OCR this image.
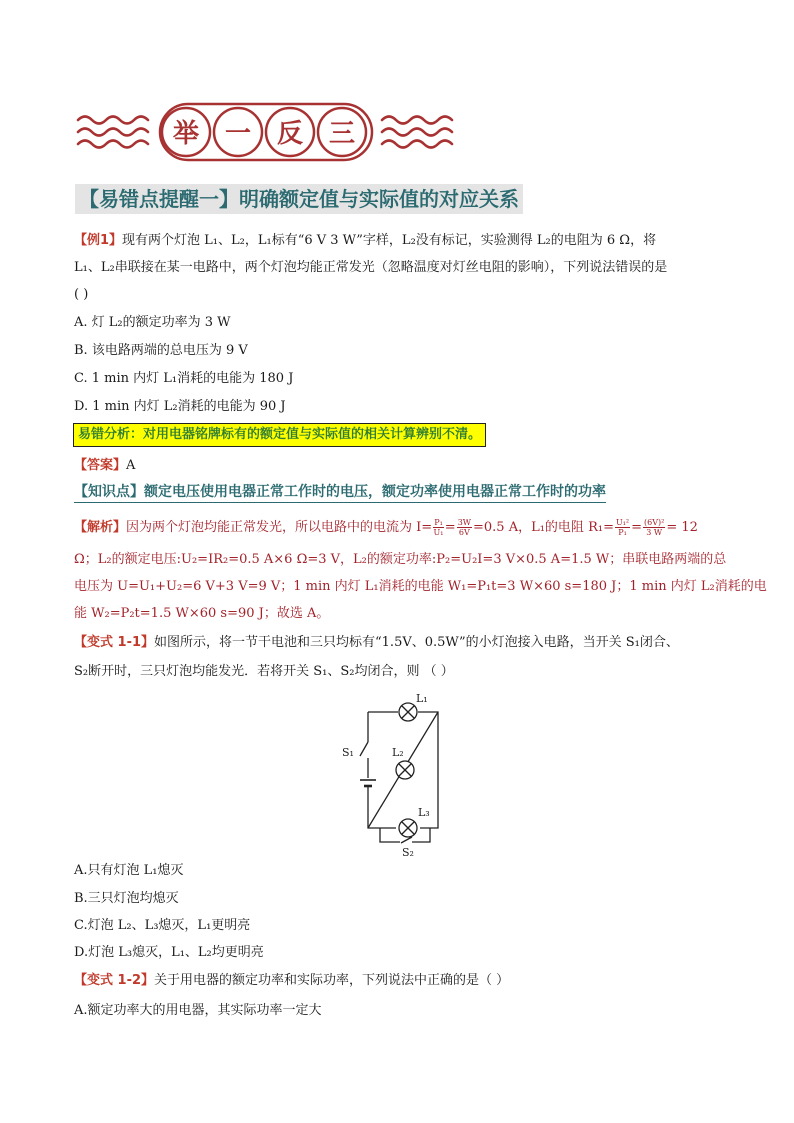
举 一 反 三
【易错点提醒一】明确额定值与实际值的对应关系
【例1】现有两个灯泡 L₁、L₂，L₁标有“6 V 3 W”字样，L₂没有标记，实验测得 L₂的电阻为 6 Ω，将
L₁、L₂串联接在某一电路中，两个灯泡均能正常发光（忽略温度对灯丝电阻的影响），下列说法错误的是
( )
A. 灯 L₂的额定功率为 3 W
B. 该电路两端的总电压为 9 V
C. 1 min 内灯 L₁消耗的电能为 180 J
D. 1 min 内灯 L₂消耗的电能为 90 J
易错分析：对用电器铭牌标有的额定值与实际值的相关计算辨别不清。
【答案】A
【知识点】额定电压使用电器正常工作时的电压，额定功率使用电器正常工作时的功率
【解析】因为两个灯泡均能正常发光，所以电路中的电流为 $I= \frac{\text{P₁}}{\text{U₁}} = \frac{3W}{6V} =0.5$ A，L₁的电阻 $R_1= \frac{\text{U₁²}}{\text{P₁}} = \frac{\text{(6V)²}}{3 W} = 12$
Ω；L₂的额定电压:U₂=IR₂=0.5 A×6 Ω=3 V，L₂的额定功率:P₂=U₂I=3 V×0.5 A=1.5 W；串联电路两端的总
电压为 U=U₁+U₂=6 V+3 V=9 V；1 min 内灯 L₁消耗的电能 W₁=P₁t=3 W×60 s=180 J；1 min 内灯 L₂消耗的电
能 W₂=P₂t=1.5 W×60 s=90 J；故选 A。
【变式 1-1】如图所示，将一节干电池和三只均标有“1.5V、0.5W”的小灯泡接入电路，当开关 S₁闭合、
S₂断开时，三只灯泡均能发光．若将开关 S₁、S₂均闭合，则 （ ）
L₁
L₂
L₃
S₁
S₂
A.只有灯泡 L₁熄灭
B.三只灯泡均熄灭
C.灯泡 L₂、L₃熄灭，L₁更明亮
D.灯泡 L₃熄灭，L₁、L₂均更明亮
【变式 1-2】关于用电器的额定功率和实际功率，下列说法中正确的是（ ）
A.额定功率大的用电器，其实际功率一定大
